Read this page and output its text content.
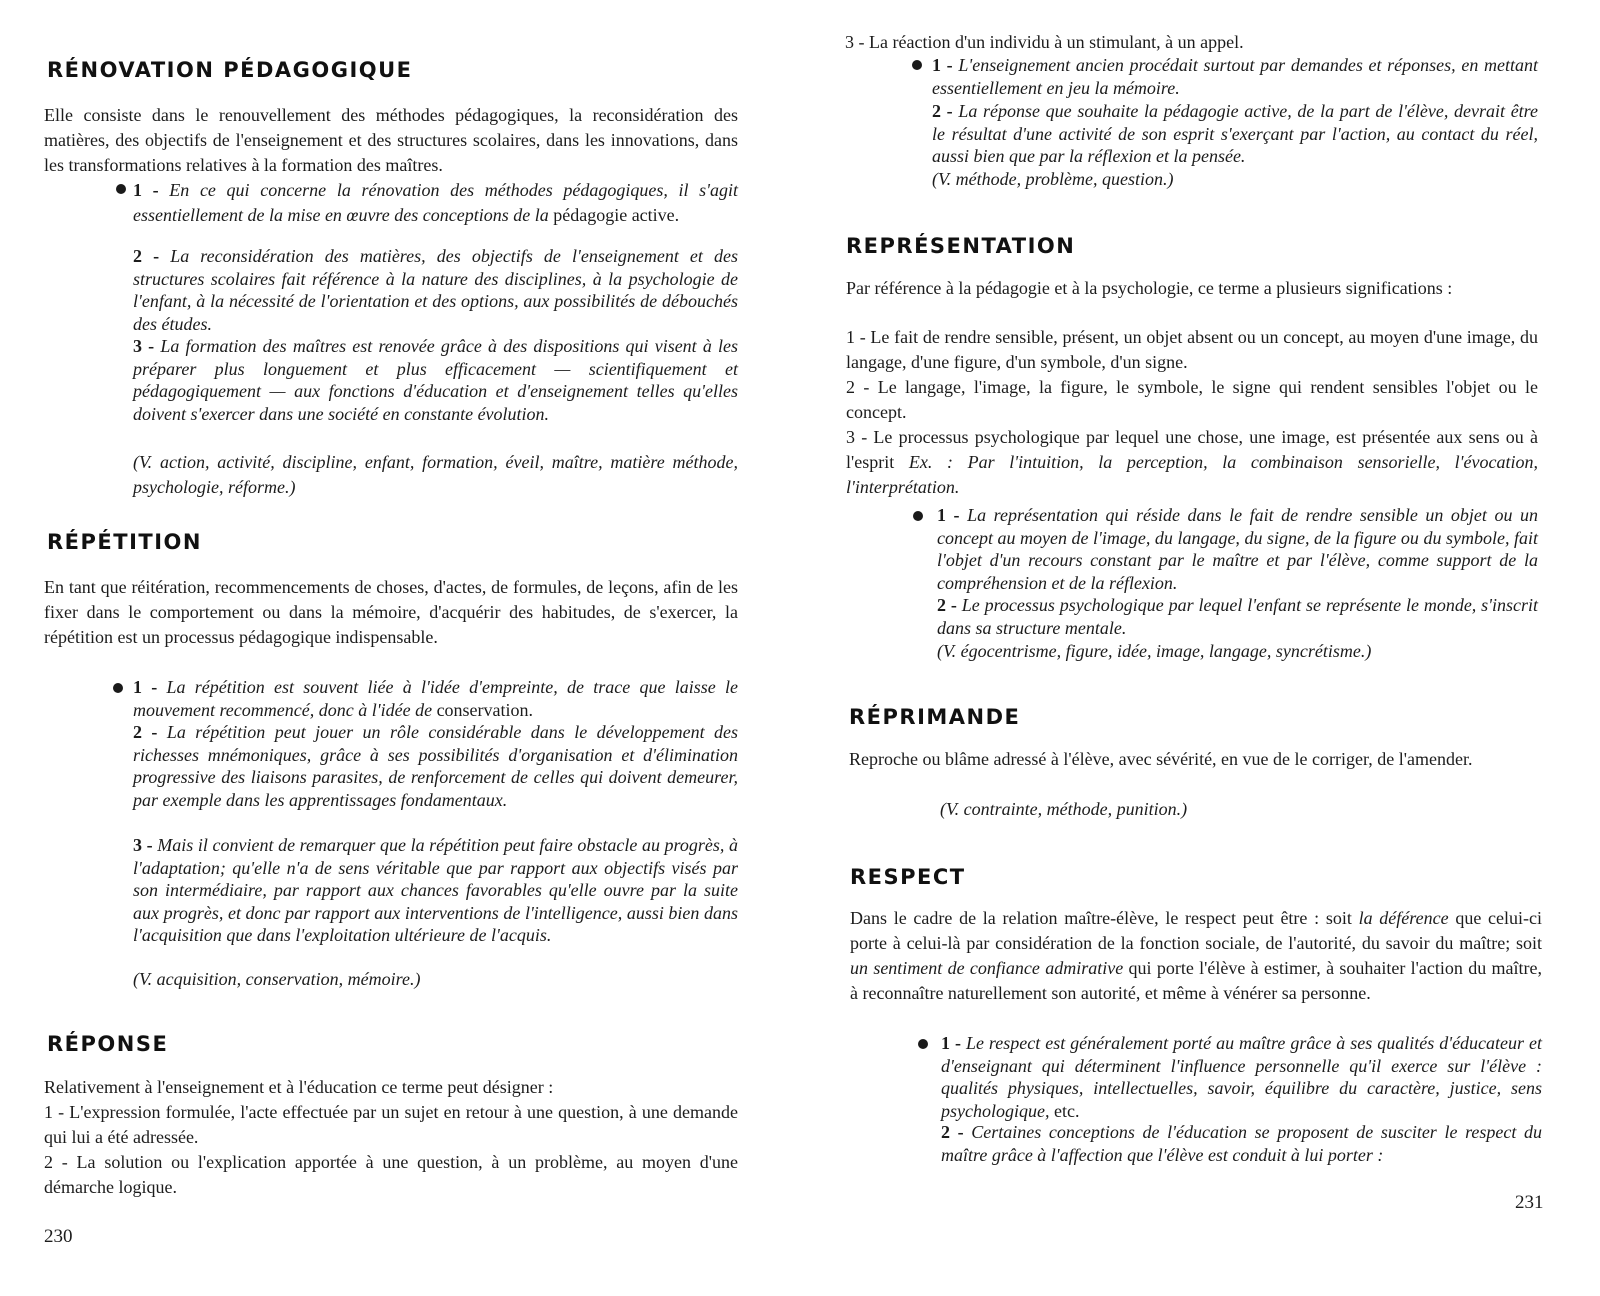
RÉNOVATION PÉDAGOGIQUE

Elle consiste dans le renouvellement des méthodes pédagogiques, la reconsidération des matières, des objectifs de l'enseignement et des structures scolaires, dans les innovations, dans les transformations relatives à la formation des maîtres.

1 - En ce qui concerne la rénovation des méthodes pédagogiques, il s'agit essentiellement de la mise en œuvre des conceptions de la pédagogie active.

2 - La reconsidération des matières, des objectifs de l'enseignement et des structures scolaires fait référence à la nature des disciplines, à la psychologie de l'enfant, à la nécessité de l'orientation et des options, aux possibilités de débouchés des études.

3 - La formation des maîtres est renovée grâce à des dispositions qui visent à les préparer plus longuement et plus efficacement — scientifiquement et pédagogiquement — aux fonctions d'éducation et d'enseignement telles qu'elles doivent s'exercer dans une société en constante évolution.

(V. action, activité, discipline, enfant, formation, éveil, maître, matière méthode, psychologie, réforme.)

RÉPÉTITION

En tant que réitération, recommencements de choses, d'actes, de formules, de leçons, afin de les fixer dans le comportement ou dans la mémoire, d'acquérir des habitudes, de s'exercer, la répétition est un processus pédagogique indispensable.

1 - La répétition est souvent liée à l'idée d'empreinte, de trace que laisse le mouvement recommencé, donc à l'idée de conservation.

2 - La répétition peut jouer un rôle considérable dans le développement des richesses mnémoniques, grâce à ses possibilités d'organisation et d'élimination progressive des liaisons parasites, de renforcement de celles qui doivent demeurer, par exemple dans les apprentissages fondamentaux.

3 - Mais il convient de remarquer que la répétition peut faire obstacle au progrès, à l'adaptation; qu'elle n'a de sens véritable que par rapport aux objectifs visés par son intermédiaire, par rapport aux chances favorables qu'elle ouvre par la suite aux progrès, et donc par rapport aux interventions de l'intelligence, aussi bien dans l'acquisition que dans l'exploitation ultérieure de l'acquis.

(V. acquisition, conservation, mémoire.)

RÉPONSE

Relativement à l'enseignement et à l'éducation ce terme peut désigner :

1 - L'expression formulée, l'acte effectuée par un sujet en retour à une question, à une demande qui lui a été adressée.

2 - La solution ou l'explication apportée à une question, à un problème, au moyen d'une démarche logique.

230

3 - La réaction d'un individu à un stimulant, à un appel.

1 - L'enseignement ancien procédait surtout par demandes et réponses, en mettant essentiellement en jeu la mémoire.

2 - La réponse que souhaite la pédagogie active, de la part de l'élève, devrait être le résultat d'une activité de son esprit s'exerçant par l'action, au contact du réel, aussi bien que par la réflexion et la pensée.

(V. méthode, problème, question.)

REPRÉSENTATION

Par référence à la pédagogie et à la psychologie, ce terme a plusieurs significations :

1 - Le fait de rendre sensible, présent, un objet absent ou un concept, au moyen d'une image, du langage, d'une figure, d'un symbole, d'un signe.

2 - Le langage, l'image, la figure, le symbole, le signe qui rendent sensibles l'objet ou le concept.

3 - Le processus psychologique par lequel une chose, une image, est présentée aux sens ou à l'esprit Ex. : Par l'intuition, la perception, la combinaison sensorielle, l'évocation, l'interprétation.

1 - La représentation qui réside dans le fait de rendre sensible un objet ou un concept au moyen de l'image, du langage, du signe, de la figure ou du symbole, fait l'objet d'un recours constant par le maître et par l'élève, comme support de la compréhension et de la réflexion.

2 - Le processus psychologique par lequel l'enfant se représente le monde, s'inscrit dans sa structure mentale.

(V. égocentrisme, figure, idée, image, langage, syncrétisme.)

RÉPRIMANDE

Reproche ou blâme adressé à l'élève, avec sévérité, en vue de le corriger, de l'amender.

(V. contrainte, méthode, punition.)

RESPECT

Dans le cadre de la relation maître-élève, le respect peut être : soit la déférence que celui-ci porte à celui-là par considération de la fonction sociale, de l'autorité, du savoir du maître; soit un sentiment de confiance admirative qui porte l'élève à estimer, à souhaiter l'action du maître, à reconnaître naturellement son autorité, et même à vénérer sa personne.

1 - Le respect est généralement porté au maître grâce à ses qualités d'éducateur et d'enseignant qui déterminent l'influence personnelle qu'il exerce sur l'élève : qualités physiques, intellectuelles, savoir, équilibre du caractère, justice, sens psychologique, etc.

2 - Certaines conceptions de l'éducation se proposent de susciter le respect du maître grâce à l'affection que l'élève est conduit à lui porter :

231
